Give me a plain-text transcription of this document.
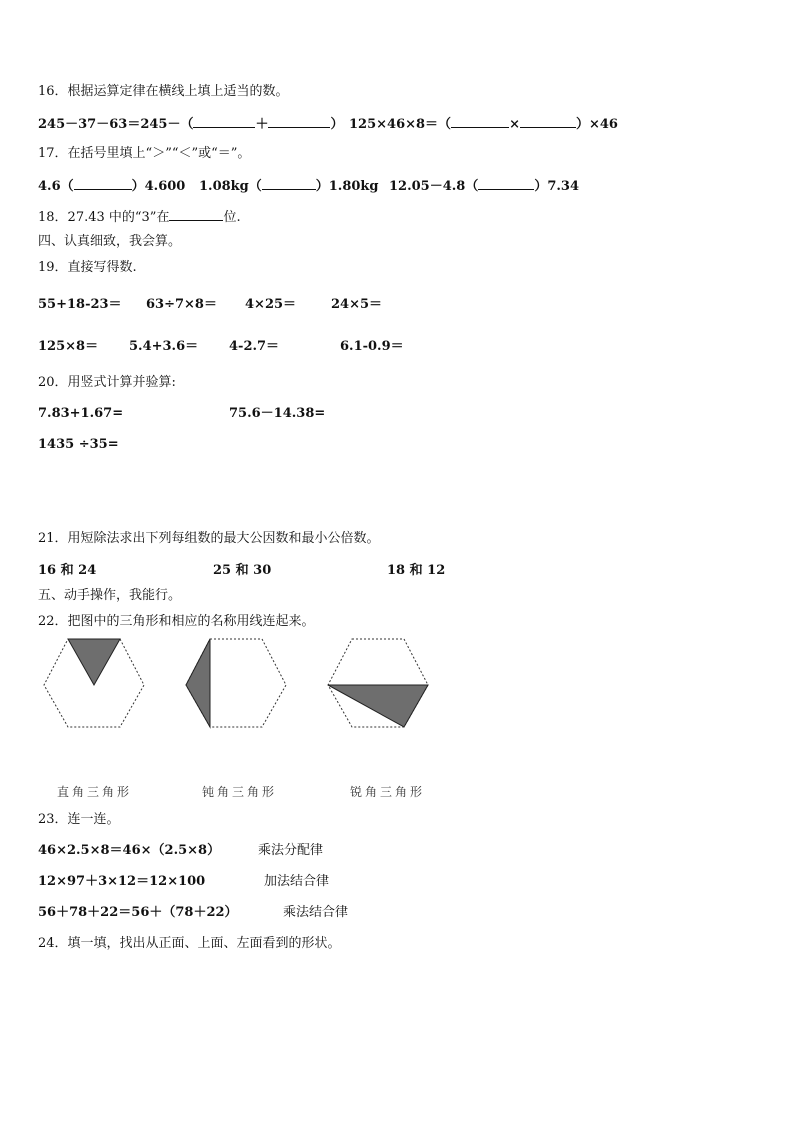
16．根据运算定律在横线上填上适当的数。
245－37－63＝245－（	＋	） 125×46×8＝（	×	）×46
17．在括号里填上“＞”“＜”或“＝”。
4.6（	）4.600 1.08kg（	）1.80kg 12.05－4.8（	）7.34
18．27.43 中的“3”在	位.
四、认真细致，我会算。
19．直接写得数.
55+18-23＝ 63÷7×8＝ 4×25＝	24×5＝
125×8＝ 5.4+3.6＝ 4-2.7＝	6.1-0.9＝
20．用竖式计算并验算:
7.83+1.67=	75.6－14.38=
1435 ÷35=
21．用短除法求出下列每组数的最大公因数和最小公倍数。
16 和 24	25 和 30	18 和 12
五、动手操作，我能行。
22．把图中的三角形和相应的名称用线连起来。
直角三角形	钝角三角形	锐角三角形
23．连一连。
46×2.5×8＝46×（2.5×8）	乘法分配律
12×97＋3×12＝12×100	加法结合律
56＋78＋22＝56＋（78＋22）	乘法结合律
24．填一填，找出从正面、上面、左面看到的形状。
